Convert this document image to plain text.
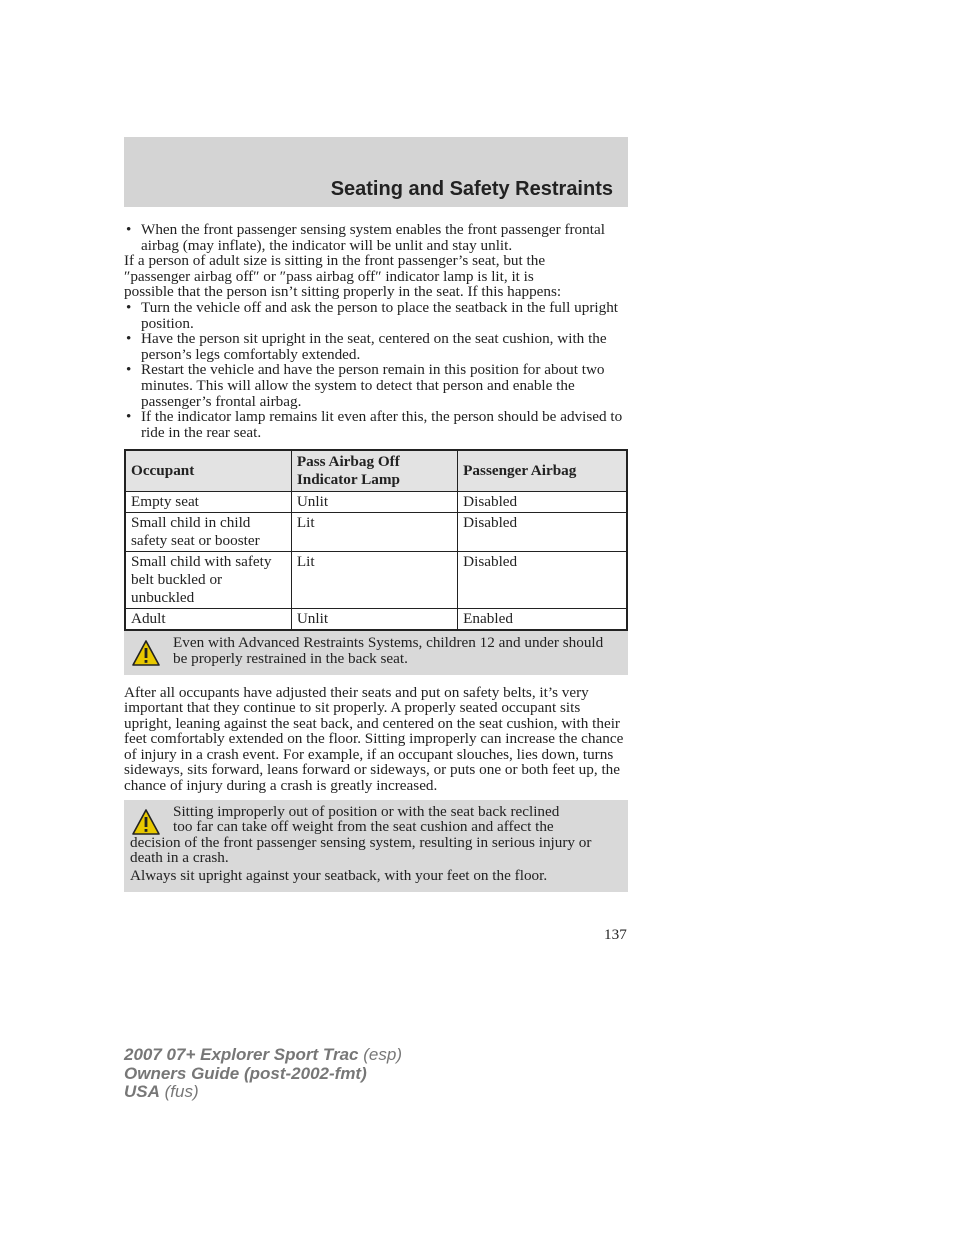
Seating and Safety Restraints

• When the front passenger sensing system enables the front passenger frontal airbag (may inflate), the indicator will be unlit and stay unlit.

If a person of adult size is sitting in the front passenger’s seat, but the
″passenger airbag off″ or ″pass airbag off″ indicator lamp is lit, it is
possible that the person isn’t sitting properly in the seat. If this happens:

• Turn the vehicle off and ask the person to place the seatback in the full upright position.

• Have the person sit upright in the seat, centered on the seat cushion, with the person’s legs comfortably extended.

• Restart the vehicle and have the person remain in this position for about two minutes. This will allow the system to detect that person and enable the passenger’s frontal airbag.

• If the indicator lamp remains lit even after this, the person should be advised to ride in the rear seat.

Occupant	Pass Airbag Off Indicator Lamp	Passenger Airbag
Empty seat	Unlit	Disabled
Small child in child safety seat or booster	Lit	Disabled
Small child with safety belt buckled or unbuckled	Lit	Disabled
Adult	Unlit	Enabled

Even with Advanced Restraints Systems, children 12 and under should be properly restrained in the back seat.

After all occupants have adjusted their seats and put on safety belts, it’s very important that they continue to sit properly. A properly seated occupant sits upright, leaning against the seat back, and centered on the seat cushion, with their feet comfortably extended on the floor. Sitting improperly can increase the chance of injury in a crash event. For example, if an occupant slouches, lies down, turns sideways, sits forward, leans forward or sideways, or puts one or both feet up, the chance of injury during a crash is greatly increased.

Sitting improperly out of position or with the seat back reclined

too far can take off weight from the seat cushion and affect the

decision of the front passenger sensing system, resulting in serious injury or death in a crash.

Always sit upright against your seatback, with your feet on the floor.

137
2007 07+ Explorer Sport Trac (esp)
Owners Guide (post-2002-fmt)
USA (fus)
